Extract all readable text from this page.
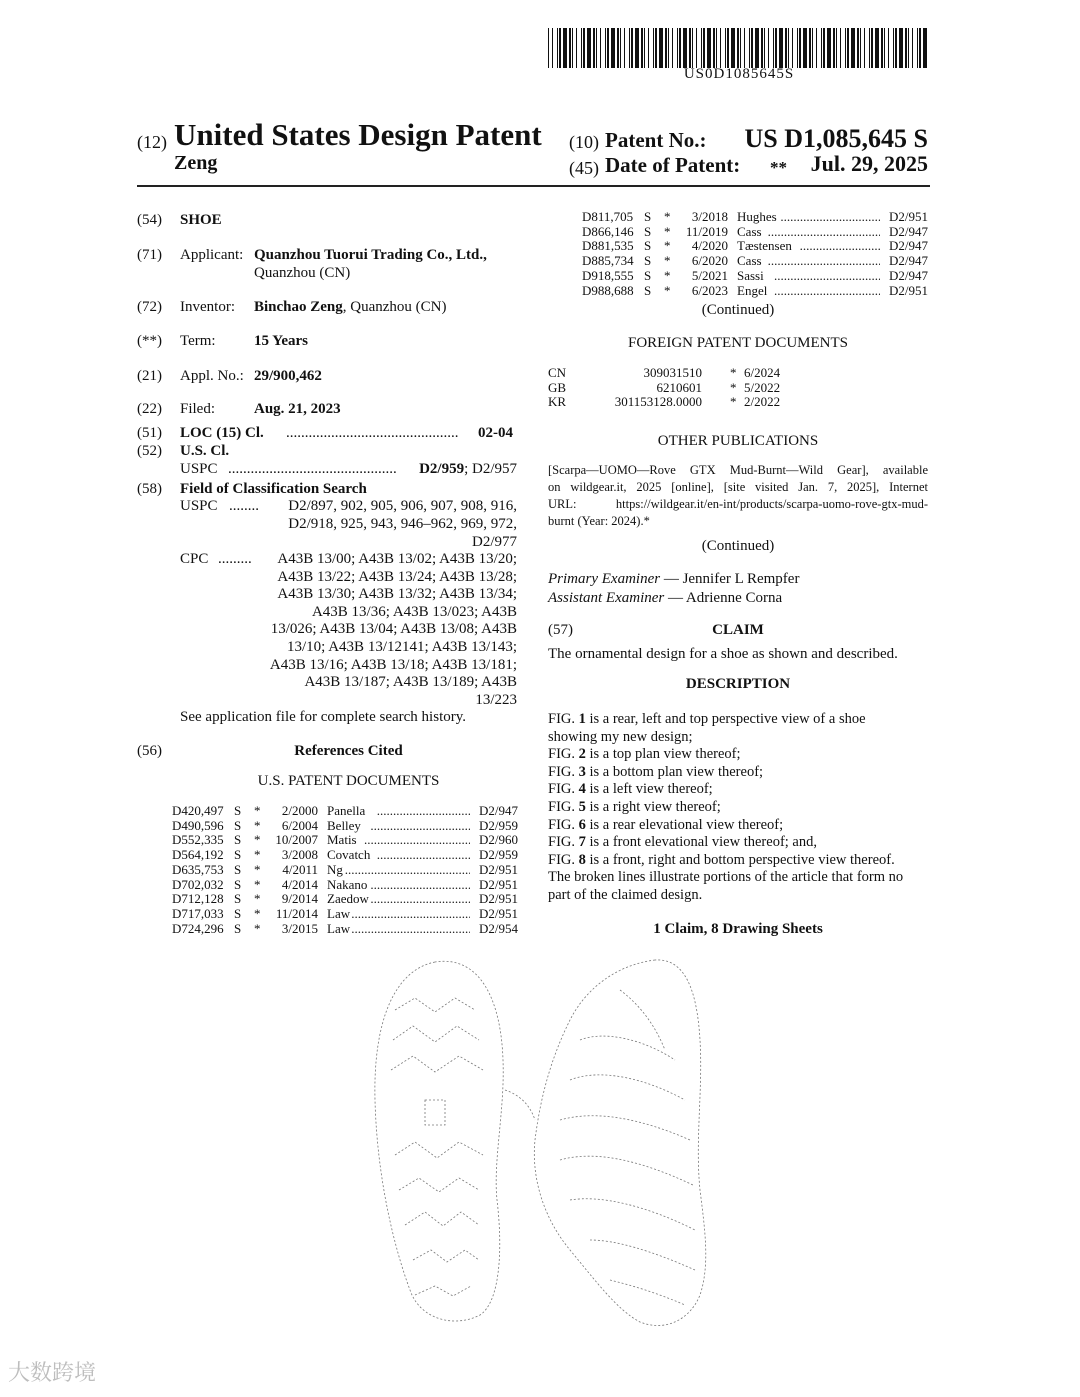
US0D1085645S
(12) United States Design Patent
Zeng
(10) Patent No.: US D1,085,645 S
(45) Date of Patent: ** Jul. 29, 2025
(54) SHOE
(71) Applicant: Quanzhou Tuorui Trading Co., Ltd.,
Quanzhou (CN)
(72) Inventor: Binchao Zeng, Quanzhou (CN)
(**) Term:	15 Years
(21) Appl. No.: 29/900,462
(22) Filed:	Aug. 21, 2023
(51) LOC (15) Cl. ..............................................	02-04
(52) U.S. Cl.
USPC .............................................	D2/959; D2/957
(58) Field of Classification Search
USPC ........ D2/897, 902, 905, 906, 907, 908, 916,
D2/918, 925, 943, 946–962, 969, 972,
D2/977
CPC ......... A43B 13/00; A43B 13/02; A43B 13/20;
A43B 13/22; A43B 13/24; A43B 13/28;
A43B 13/30; A43B 13/32; A43B 13/34;
A43B 13/36; A43B 13/023; A43B
13/026; A43B 13/04; A43B 13/08; A43B
13/10; A43B 13/12141; A43B 13/143;
A43B 13/16; A43B 13/18; A43B 13/181;
A43B 13/187; A43B 13/189; A43B
13/223
See application file for complete search history.
(56)	References Cited
U.S. PATENT DOCUMENTS
D420,497 S *	2/2000 Panella	D2/947
.....
D490,596 S *	6/2004 Belley	D2/959
.....
D552,335 S *	10/2007 Matis	D2/960
.....
D564,192 S *	3/2008 Covatch	D2/959
.....
D635,753 S *	4/2011 Ng	D2/951
.....
D702,032 S *	4/2014 Nakano	D2/951
.....
D712,128 S *	9/2014 Zaedow	D2/951
.....
D717,033 S *	11/2014 Law	D2/951
.....
D724,296 S *	3/2015 Law	D2/954
.....
D811,705 S *	3/2018 Hughes	D2/951
.....
D866,146 S *	11/2019 Cass	D2/947
.....
D881,535 S *	4/2020 Tæstensen	D2/947
.....
D885,734 S *	6/2020 Cass	D2/947
.....
D918,555 S *	5/2021 Sassi	D2/947
.....
D988,688 S *	6/2023 Engel	D2/951
.....
(Continued)
FOREIGN PATENT DOCUMENTS
CN	309031510 * 6/2024
GB	6210601 * 5/2022
KR	301153128.0000 * 2/2022
OTHER PUBLICATIONS
[Scarpa—UOMO—Rove GTX Mud-Burnt—Wild Gear], available
on wildgear.it, 2025 [online], [site visited Jan. 7, 2025], Internet
URL: https://wildgear.it/en-int/products/scarpa-uomo-rove-gtx-mud-
burnt (Year: 2024).*
(Continued)
Primary Examiner — Jennifer L Rempfer
Assistant Examiner — Adrienne Corna
(57)	CLAIM
The ornamental design for a shoe as shown and described.
DESCRIPTION
FIG. 1 is a rear, left and top perspective view of a shoe
showing my new design;
FIG. 2 is a top plan view thereof;
FIG. 3 is a bottom plan view thereof;
FIG. 4 is a left view thereof;
FIG. 5 is a right view thereof;
FIG. 6 is a rear elevational view thereof;
FIG. 7 is a front elevational view thereof; and,
FIG. 8 is a front, right and bottom perspective view thereof.
The broken lines illustrate portions of the article that form no
part of the claimed design.
1 Claim, 8 Drawing Sheets
大数跨境
